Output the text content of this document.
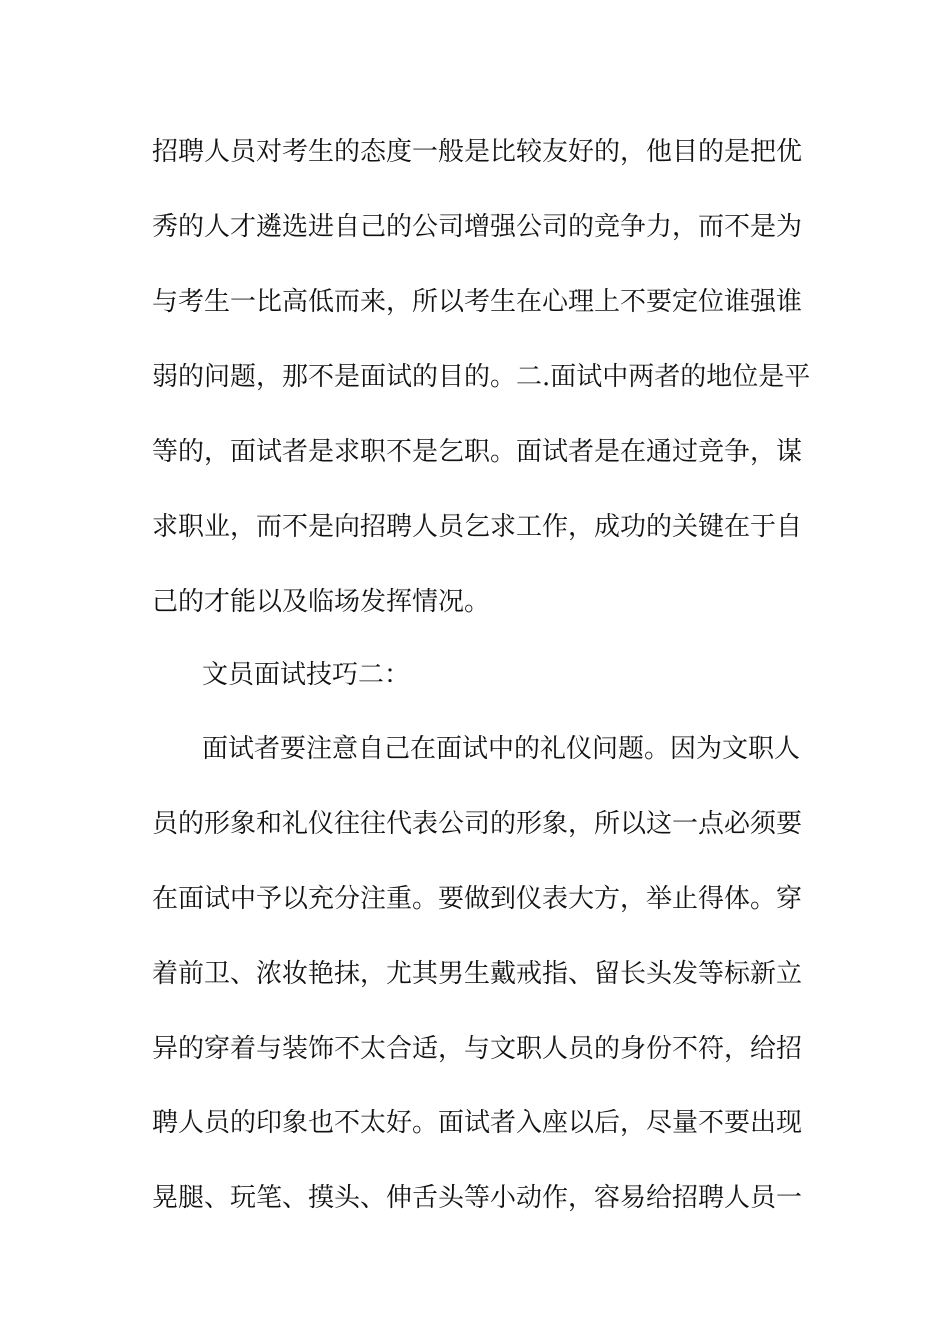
招聘人员对考生的态度一般是比较友好的，他目的是把优
秀的人才遴选进自己的公司增强公司的竞争力，而不是为
与考生一比高低而来，所以考生在心理上不要定位谁强谁
弱的问题，那不是面试的目的。二.面试中两者的地位是平
等的，面试者是求职不是乞职。面试者是在通过竞争，谋
求职业，而不是向招聘人员乞求工作，成功的关键在于自
己的才能以及临场发挥情况。
文员面试技巧二：
面试者要注意自己在面试中的礼仪问题。因为文职人
员的形象和礼仪往往代表公司的形象，所以这一点必须要
在面试中予以充分注重。要做到仪表大方，举止得体。穿
着前卫、浓妆艳抹，尤其男生戴戒指、留长头发等标新立
异的穿着与装饰不太合适，与文职人员的身份不符，给招
聘人员的印象也不太好。面试者入座以后，尽量不要出现
晃腿、玩笔、摸头、伸舌头等小动作，容易给招聘人员一
